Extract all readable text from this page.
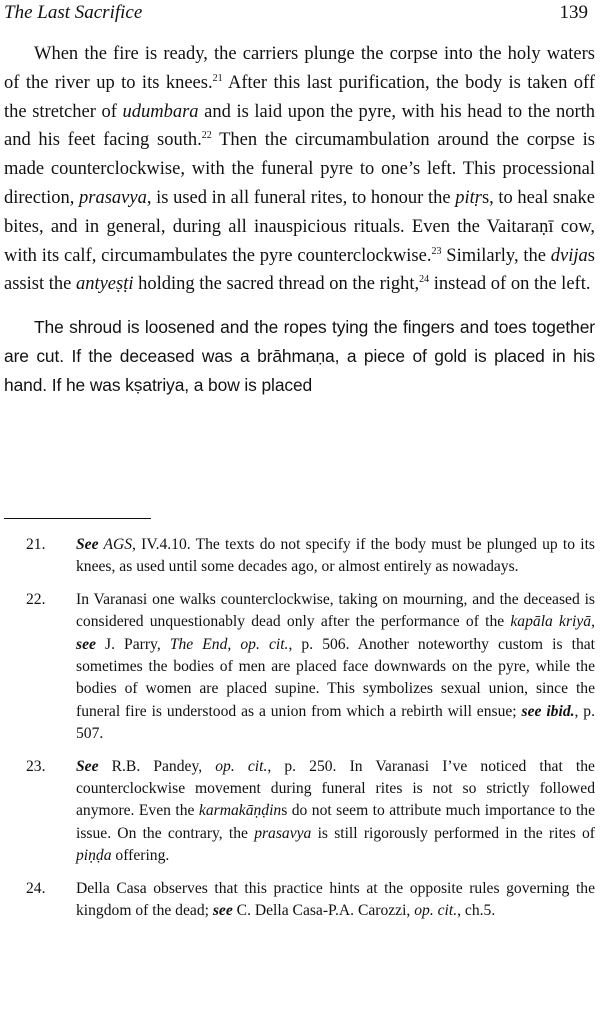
The Last Sacrifice	139

When the fire is ready, the carriers plunge the corpse into the holy waters of the river up to its knees.$^{21}$ After this last purification, the body is taken off the stretcher of udumbara and is laid upon the pyre, with his head to the north and his feet facing south.$^{22}$ Then the circumambulation around the corpse is made counterclockwise, with the funeral pyre to one’s left. This processional direction, prasavya, is used in all funeral rites, to honour the pitṛs, to heal snake bites, and in general, during all inauspicious rituals. Even the Vaitaraṇī cow, with its calf, circumambulates the pyre counterclockwise.$^{23}$ Similarly, the dvijas assist the antyeṣṭi holding the sacred thread on the right,$^{24}$ instead of on the left.

The shroud is loosened and the ropes tying the fingers and toes together are cut. If the deceased was a brāhmaṇa, a piece of gold is placed in his hand. If he was kṣatriya, a bow is placed

21.	See AGS, IV.4.10. The texts do not specify if the body must be plunged up to its knees, as used until some decades ago, or almost entirely as nowadays.
22.	In Varanasi one walks counterclockwise, taking on mourning, and the deceased is considered unquestionably dead only after the performance of the kapāla kriyā, see J. Parry, The End, op. cit., p. 506. Another noteworthy custom is that sometimes the bodies of men are placed face downwards on the pyre, while the bodies of women are placed supine. This symbolizes sexual union, since the funeral fire is understood as a union from which a rebirth will ensue; see ibid., p. 507.
23.	See R.B. Pandey, op. cit., p. 250. In Varanasi I’ve noticed that the counterclockwise movement during funeral rites is not so strictly followed anymore. Even the karmakāṇḍins do not seem to attribute much importance to the issue. On the contrary, the prasavya is still rigorously performed in the rites of piṇḍa offering.
24.	Della Casa observes that this practice hints at the opposite rules governing the kingdom of the dead; see C. Della Casa-P.A. Carozzi, op. cit., ch.5.
